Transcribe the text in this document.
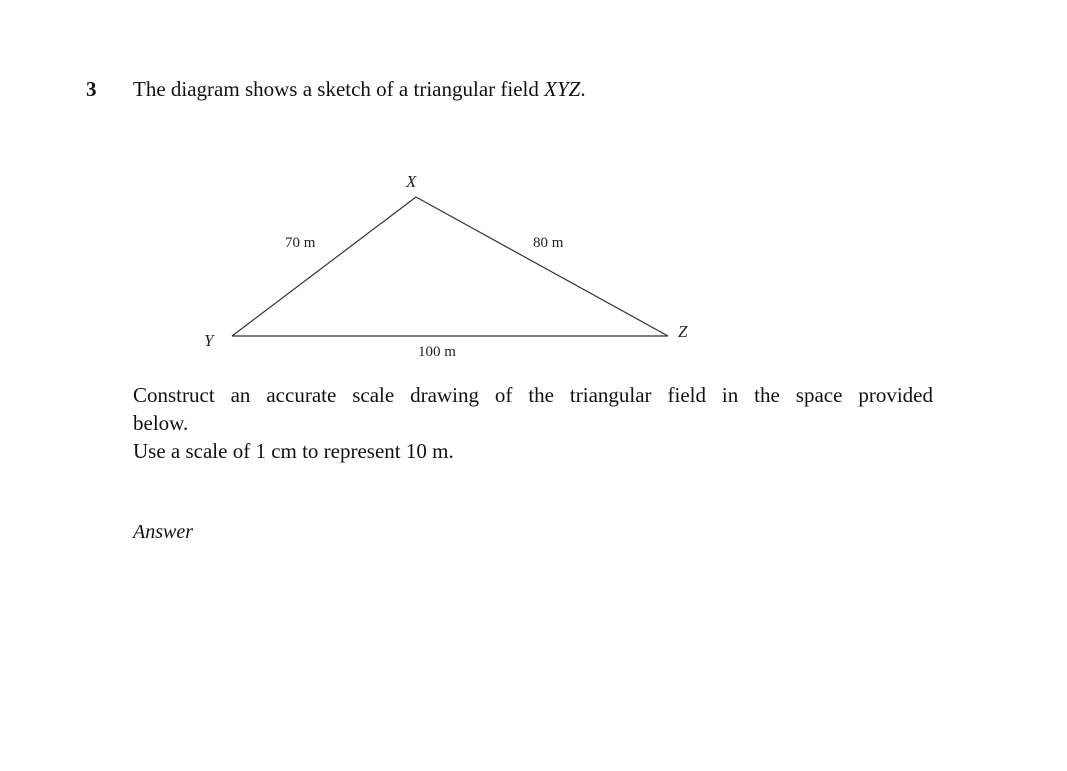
3 The diagram shows a sketch of a triangular field XYZ.
X
Y	Z
70 m	80 m
100 m

Construct an accurate scale drawing of the triangular field in the space provided

below.

Use a scale of 1 cm to represent 10 m.

Answer
